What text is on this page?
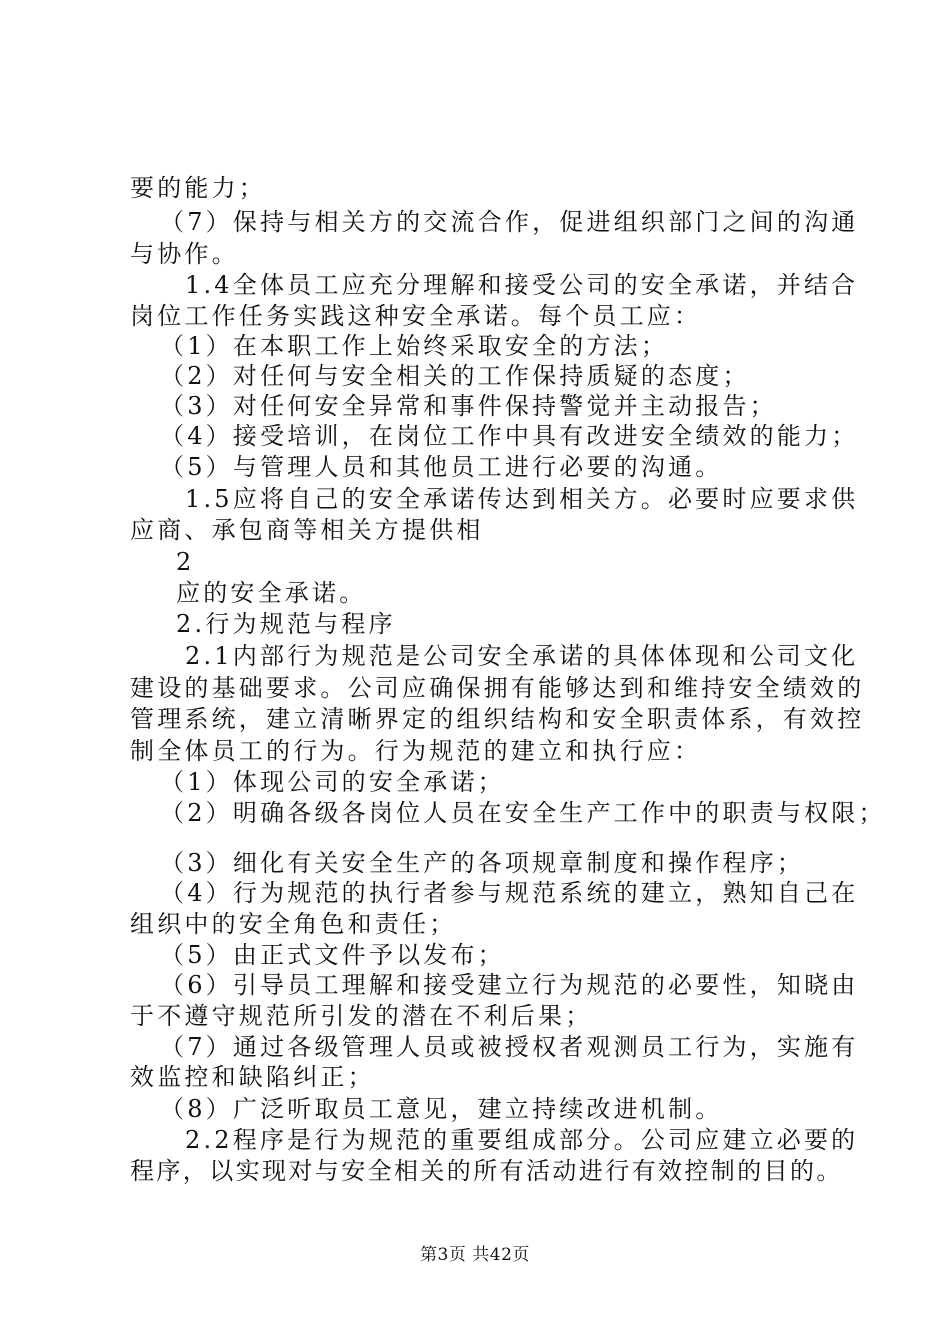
要的能力；
（7）保持与相关方的交流合作，促进组织部门之间的沟通
与协作。
1.4全体员工应充分理解和接受公司的安全承诺，并结合
岗位工作任务实践这种安全承诺。每个员工应：
（1）在本职工作上始终采取安全的方法；
（2）对任何与安全相关的工作保持质疑的态度；
（3）对任何安全异常和事件保持警觉并主动报告；
（4）接受培训，在岗位工作中具有改进安全绩效的能力；
（5）与管理人员和其他员工进行必要的沟通。
1.5应将自己的安全承诺传达到相关方。必要时应要求供
应商、承包商等相关方提供相
2
应的安全承诺。
2.行为规范与程序
2.1内部行为规范是公司安全承诺的具体体现和公司文化
建设的基础要求。公司应确保拥有能够达到和维持安全绩效的
管理系统，建立清晰界定的组织结构和安全职责体系，有效控
制全体员工的行为。行为规范的建立和执行应：
（1）体现公司的安全承诺；
（2）明确各级各岗位人员在安全生产工作中的职责与权限；
（3）细化有关安全生产的各项规章制度和操作程序；
（4）行为规范的执行者参与规范系统的建立，熟知自己在
组织中的安全角色和责任；
（5）由正式文件予以发布；
（6）引导员工理解和接受建立行为规范的必要性，知晓由
于不遵守规范所引发的潜在不利后果；
（7）通过各级管理人员或被授权者观测员工行为，实施有
效监控和缺陷纠正；
（8）广泛听取员工意见，建立持续改进机制。
2.2程序是行为规范的重要组成部分。公司应建立必要的
程序，以实现对与安全相关的所有活动进行有效控制的目的。
第3页 共42页
